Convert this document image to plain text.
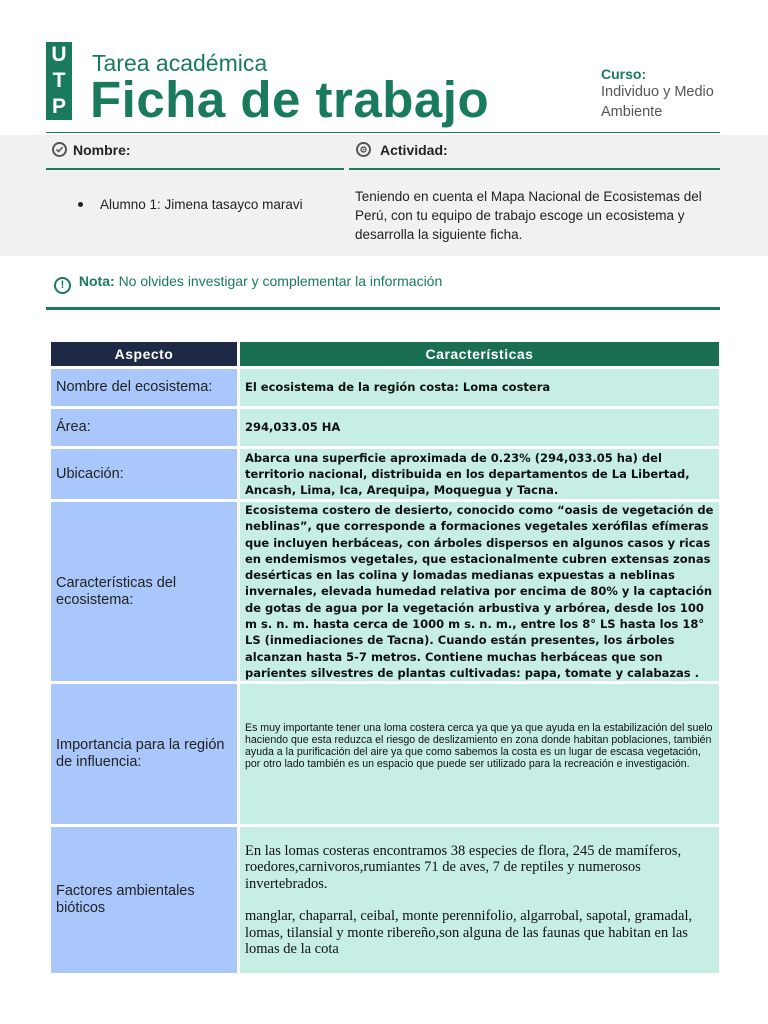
U
T
P
Tarea académica
Ficha de trabajo	Curso:
Individuo y Medio Ambiente
Nombre:	Actividad:
Alumno 1: Jimena tasayco maravi
Teniendo en cuenta el Mapa Nacional de Ecosistemas del Perú, con tu equipo de trabajo escoge un ecosistema y desarrolla la siguiente ficha.
! Nota: No olvides investigar y complementar la información
Aspecto	Características
Nombre del ecosistema:	El ecosistema de la región costa: Loma costera
Área:	294,033.05 HA
Ubicación:	Abarca una superficie aproximada de 0.23% (294,033.05 ha) del territorio nacional, distribuida en los departamentos de La Libertad, Ancash, Lima, Ica, Arequipa, Moquegua y Tacna.
Características del ecosistema:	Ecosistema costero de desierto, conocido como “oasis de vegetación de neblinas”, que corresponde a formaciones vegetales xerófilas efímeras que incluyen herbáceas, con árboles dispersos en algunos casos y ricas en endemismos vegetales, que estacionalmente cubren extensas zonas desérticas en las colina y lomadas medianas expuestas a neblinas invernales, elevada humedad relativa por encima de 80% y la captación de gotas de agua por la vegetación arbustiva y arbórea, desde los 100 m s. n. m. hasta cerca de 1000 m s. n. m., entre los 8° LS hasta los 18° LS (inmediaciones de Tacna). Cuando están presentes, los árboles alcanzan hasta 5-7 metros. Contiene muchas herbáceas que son parientes silvestres de plantas cultivadas: papa, tomate y calabazas .
Importancia para la región de influencia:	Es muy importante tener una loma costera cerca ya que ya que ayuda en la estabilización del suelo haciendo que esta reduzca el riesgo de deslizamiento en zona donde habitan poblaciones, también ayuda a la purificación del aire ya que como sabemos la costa es un lugar de escasa vegetación, por otro lado también es un espacio que puede ser utilizado para la recreación e investigación.
Factores ambientales bióticos	En las lomas costeras encontramos 38 especies de flora, 245 de mamíferos, roedores,carnivoros,rumiantes 71 de aves, 7 de reptiles y numerosos invertebrados.
manglar, chaparral, ceibal, monte perennifolio, algarrobal, sapotal, gramadal, lomas, tilansial y monte ribereño,son alguna de las faunas que habitan en las lomas de la cota
